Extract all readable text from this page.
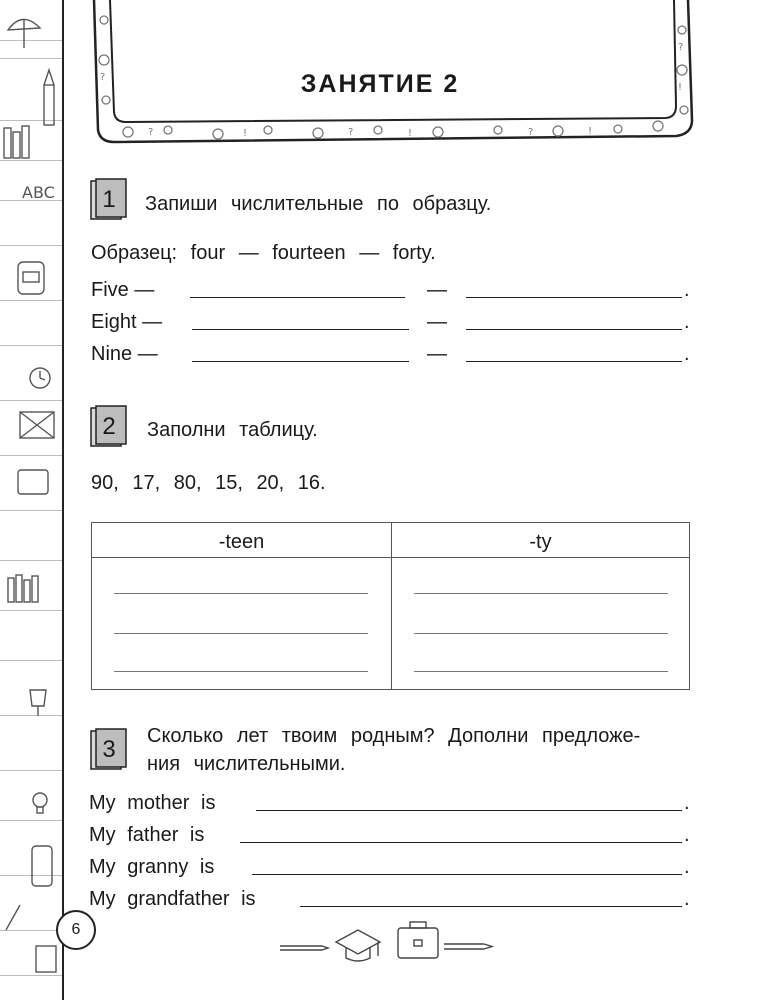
ABC
?	!	?	!	?	!
?
!
?	ЗАНЯТИЕ 2
1	Запиши числительные по образцу.
Образец: four — fourteen — forty.
Five —	—	.
Eight —	—	.
Nine —	—	.
2	Заполни таблицу.
90, 17, 80, 15, 20, 16.
-teen	-ty
3	Сколько лет твоим родным? Дополни предложе-
ния числительными.
My mother is	.
My father is	.
My granny is	.
My grandfather is	.
6
